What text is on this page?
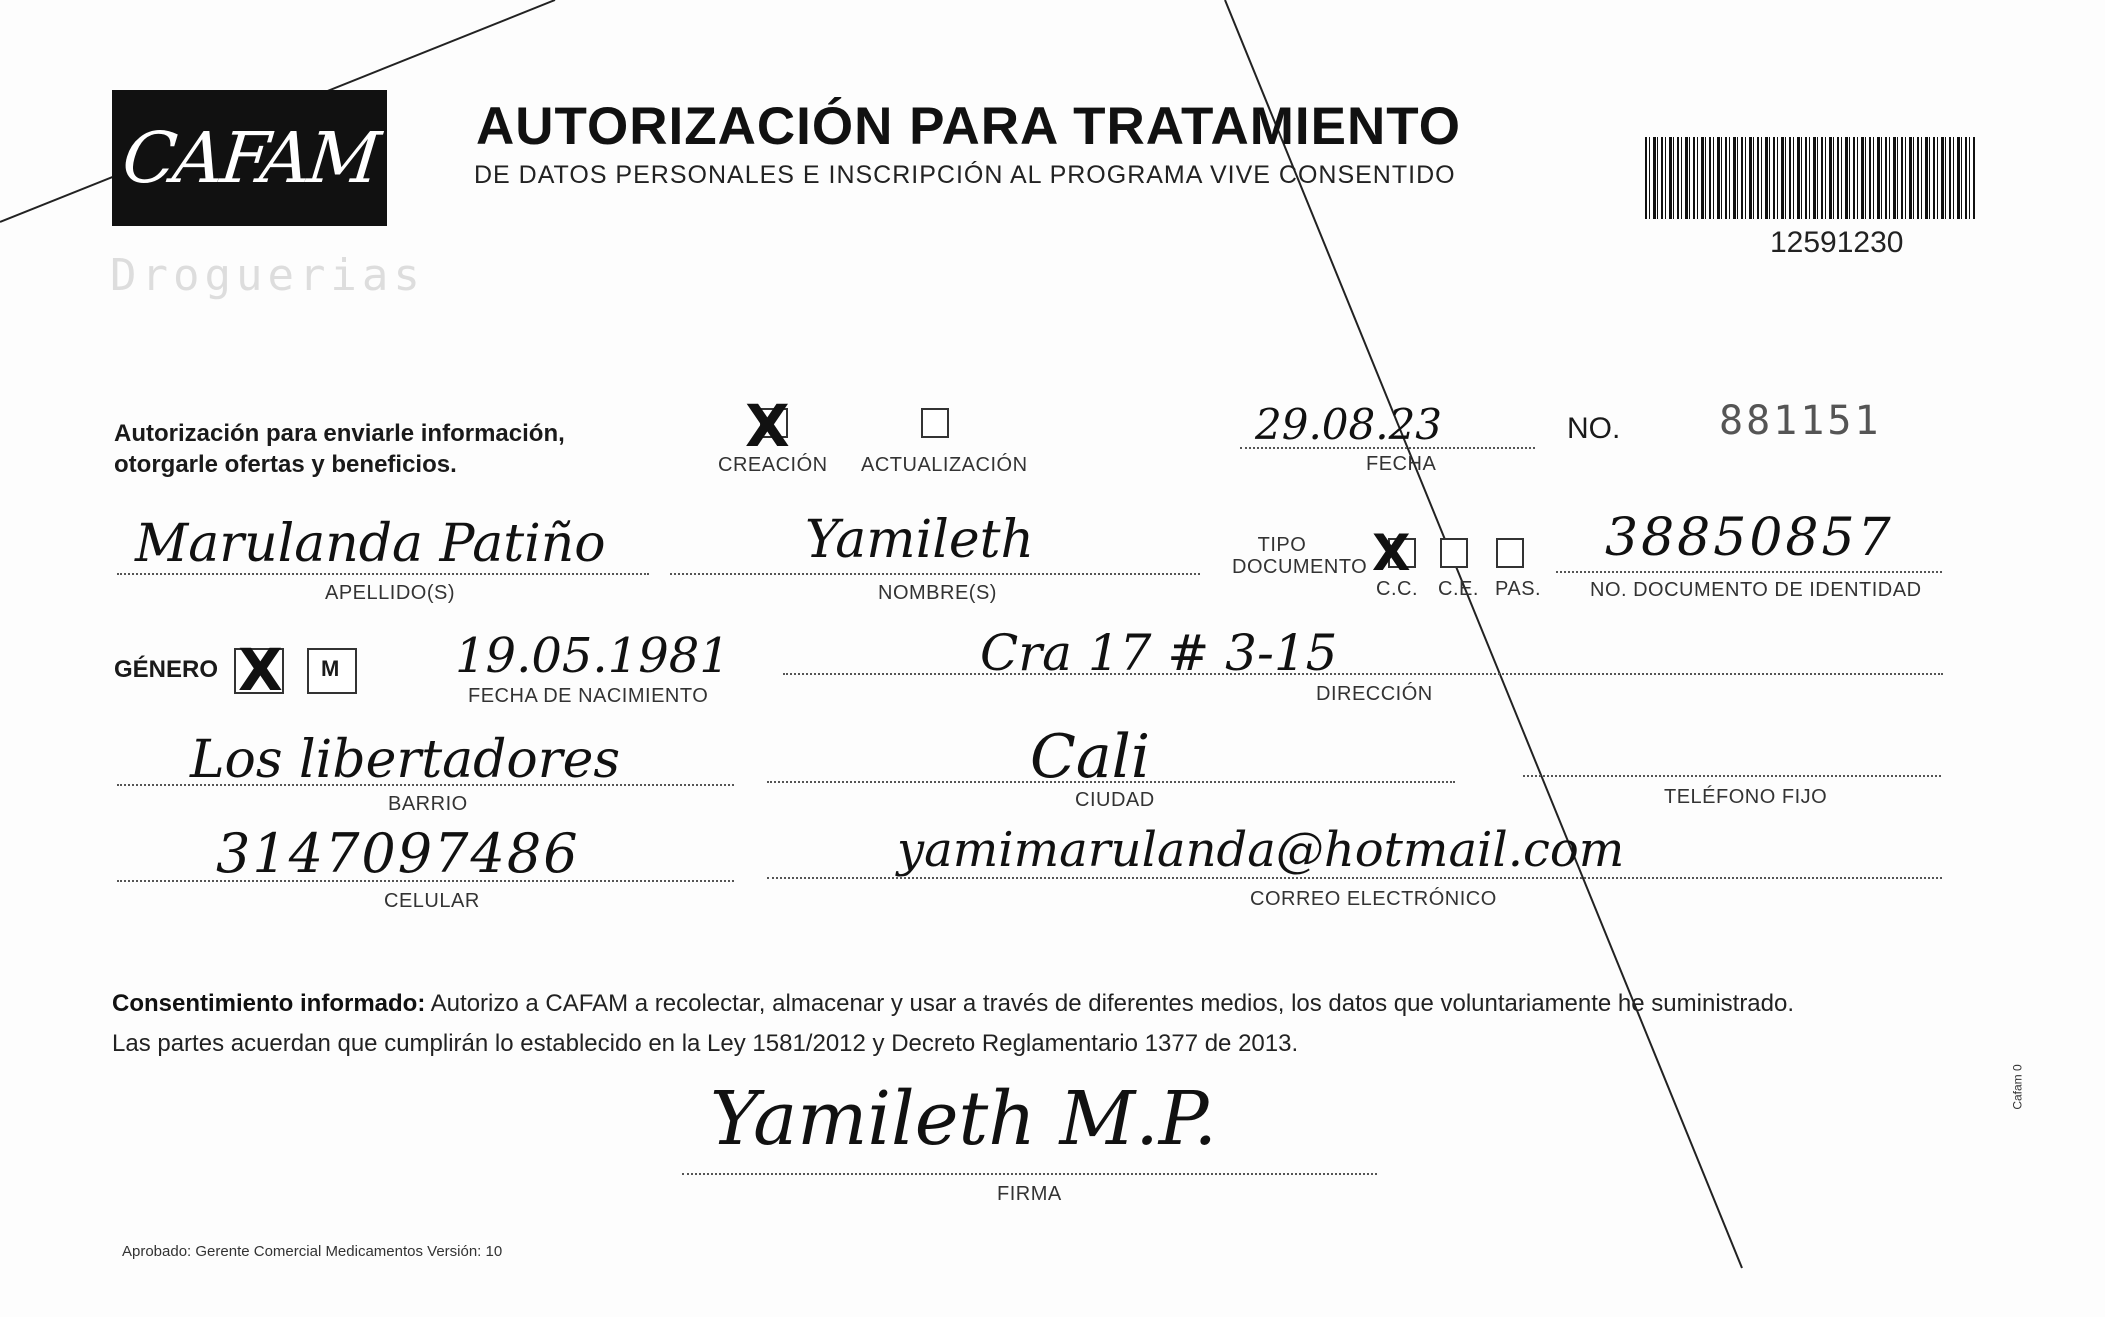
CAFAM
Droguerias
AUTORIZACIÓN PARA TRATAMIENTO
DE DATOS PERSONALES E INSCRIPCIÓN AL PROGRAMA VIVE CONSENTIDO
12591230
Autorización para enviarle información,
otorgarle ofertas y beneficios.
X
CREACIÓN ACTUALIZACIÓN
29.08.23
FECHA
NO. 881151
Marulanda Patiño
APELLIDO(S)
Yamileth
NOMBRE(S)
TIPO
DOCUMENTO X
C.C. C.E. PAS.
38850857
NO. DOCUMENTO DE IDENTIDAD
GÉNERO X M 19.05.1981
FECHA DE NACIMIENTO
Cra 17 # 3-15
DIRECCIÓN
Los libertadores
BARRIO
Cali
CIUDAD	TELÉFONO FIJO
3147097486
CELULAR
yamimarulanda@hotmail.com
CORREO ELECTRÓNICO
Consentimiento informado: Autorizo a CAFAM a recolectar, almacenar y usar a través de diferentes medios, los datos que voluntariamente he suministrado.
Las partes acuerdan que cumplirán lo establecido en la Ley 1581/2012 y Decreto Reglamentario 1377 de 2013.
Yamileth M.P.
FIRMA
Aprobado: Gerente Comercial Medicamentos Versión: 10
Cafam 0
